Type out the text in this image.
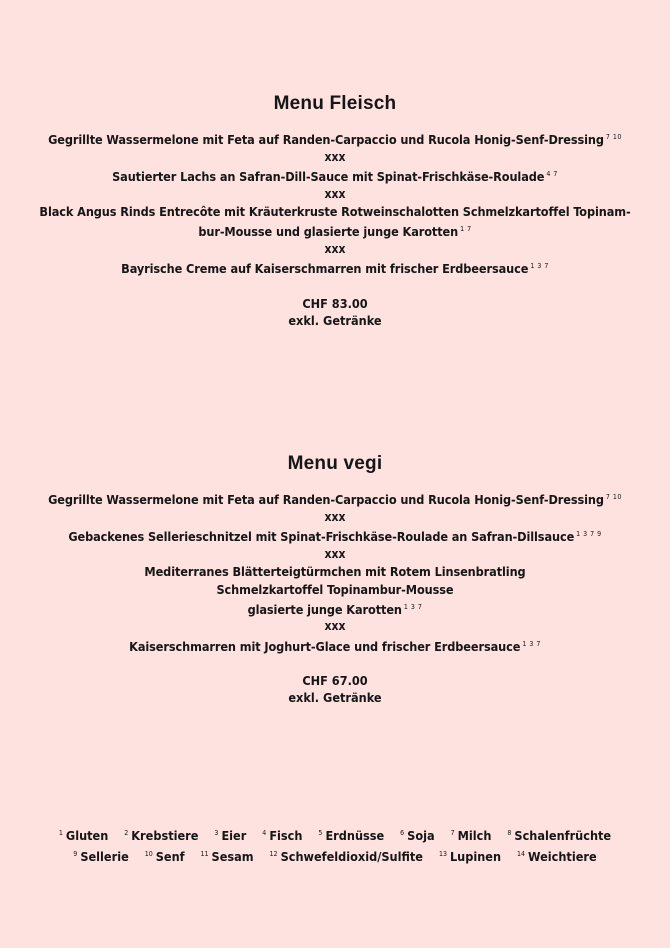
Menu Fleisch
Gegrillte Wassermelone mit Feta auf Randen-Carpaccio und Rucola Honig-Senf-Dressing $^{7 10}$
xxx
Sautierter Lachs an Safran-Dill-Sauce mit Spinat-Frischkäse-Roulade $^{4 7}$
xxx
Black Angus Rinds Entrecôte mit Kräuterkruste Rotweinschalotten Schmelzkartoffel Topinam-
bur-Mousse und glasierte junge Karotten $^{1 7}$
xxx
Bayrische Creme auf Kaiserschmarren mit frischer Erdbeersauce $^{1 3 7}$
CHF 83.00
exkl. Getränke
Menu vegi
Gegrillte Wassermelone mit Feta auf Randen-Carpaccio und Rucola Honig-Senf-Dressing $^{7 10}$
xxx
Gebackenes Sellerieschnitzel mit Spinat-Frischkäse-Roulade an Safran-Dillsauce $^{1 3 7 9}$
xxx
Mediterranes Blätterteigtürmchen mit Rotem Linsenbratling
Schmelzkartoffel Topinambur-Mousse
glasierte junge Karotten $^{1 3 7}$
xxx
Kaiserschmarren mit Joghurt-Glace und frischer Erdbeersauce $^{1 3 7}$
CHF 67.00
exkl. Getränke
$^1$ Gluten $^2$ Krebstiere $^3$ Eier $^4$ Fisch $^5$ Erdnüsse $^6$ Soja $^7$ Milch $^8$ Schalenfrüchte
$^9$ Sellerie $^{10}$ Senf $^{11}$ Sesam $^{12}$ Schwefeldioxid/Sulfite $^{13}$ Lupinen $^{14}$ Weichtiere
